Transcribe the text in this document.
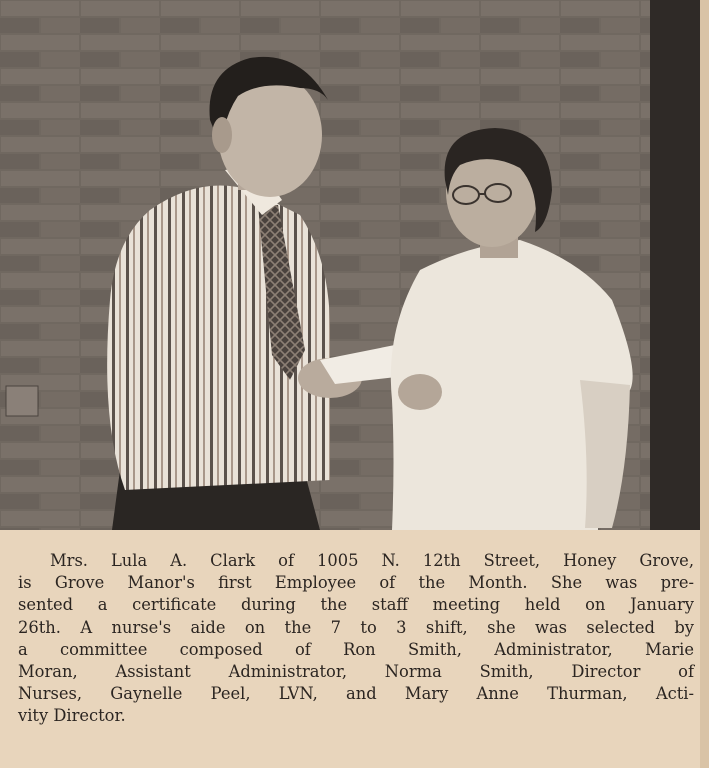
Mrs. Lula A. Clark of 1005 N. 12th Street, Honey Grove,
is Grove Manor's first Employee of the Month. She was pre-
sented a certificate during the staff meeting held on January
26th. A nurse's aide on the 7 to 3 shift, she was selected by
a committee composed of Ron Smith, Administrator, Marie
Moran, Assistant Administrator, Norma Smith, Director of
Nurses, Gaynelle Peel, LVN, and Mary Anne Thurman, Acti-
vity Director.
